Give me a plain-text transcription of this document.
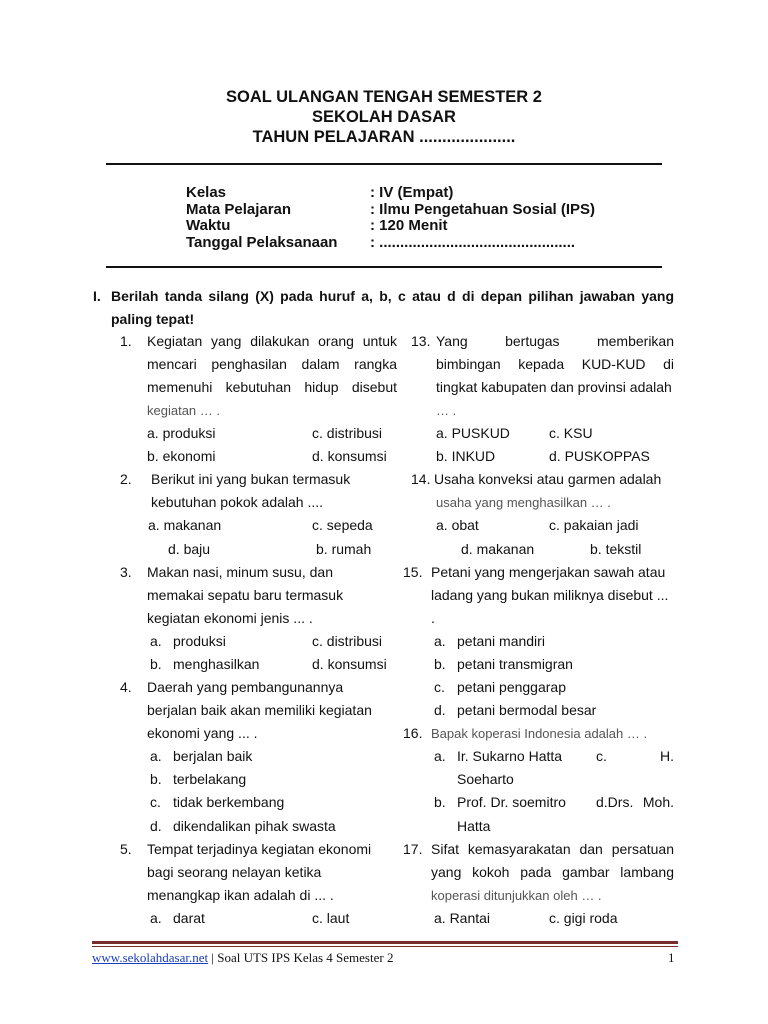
SOAL ULANGAN TENGAH SEMESTER 2
SEKOLAH DASAR
TAHUN PELAJARAN .....................
Kelas	: IV (Empat)
Mata Pelajaran	: Ilmu Pengetahuan Sosial (IPS)
Waktu	: 120 Menit
Tanggal Pelaksanaan : ...............................................
I. Berilah tanda silang (X) pada huruf a, b, c atau d di depan pilihan jawaban yang
paling tepat!
1. Kegiatan yang dilakukan orang untuk
mencari penghasilan dalam rangka
memenuhi kebutuhan hidup disebut
kegiatan … .
a. produksi	c. distribusi
b. ekonomi	d. konsumsi
2. Berikut ini yang bukan termasuk
kebutuhan pokok adalah ....
a. makanan	c. sepeda
d. baju	b. rumah
3. Makan nasi, minum susu, dan
memakai sepatu baru termasuk
kegiatan ekonomi jenis ... .
a. produksi	c. distribusi
b. menghasilkan	d. konsumsi
4. Daerah yang pembangunannya
berjalan baik akan memiliki kegiatan
ekonomi yang ... .
a. berjalan baik
b. terbelakang
c. tidak berkembang
d. dikendalikan pihak swasta
5. Tempat terjadinya kegiatan ekonomi
bagi seorang nelayan ketika
menangkap ikan adalah di ... .
a. darat	c. laut
13. Yang	bertugas	memberikan
bimbingan kepada KUD-KUD di
tingkat kabupaten dan provinsi adalah
… .
a. PUSKUD	c. KSU
b. INKUD	d. PUSKOPPAS
14. Usaha konveksi atau garmen adalah
usaha yang menghasilkan … .
a. obat	c. pakaian jadi
d. makanan	b. tekstil
15. Petani yang mengerjakan sawah atau
ladang yang bukan miliknya disebut ...
.
a. petani mandiri
b. petani transmigran
c. petani penggarap
d. petani bermodal besar
16. Bapak koperasi Indonesia adalah … .
a. Ir. Sukarno Hatta c.	H.
Soeharto
b. Prof. Dr. soemitro d.Drs. Moh.
Hatta
17. Sifat kemasyarakatan dan persatuan
yang kokoh pada gambar lambang
koperasi ditunjukkan oleh … .
a. Rantai	c. gigi roda
www.sekolahdasar.net | Soal UTS IPS Kelas 4 Semester 2	1
